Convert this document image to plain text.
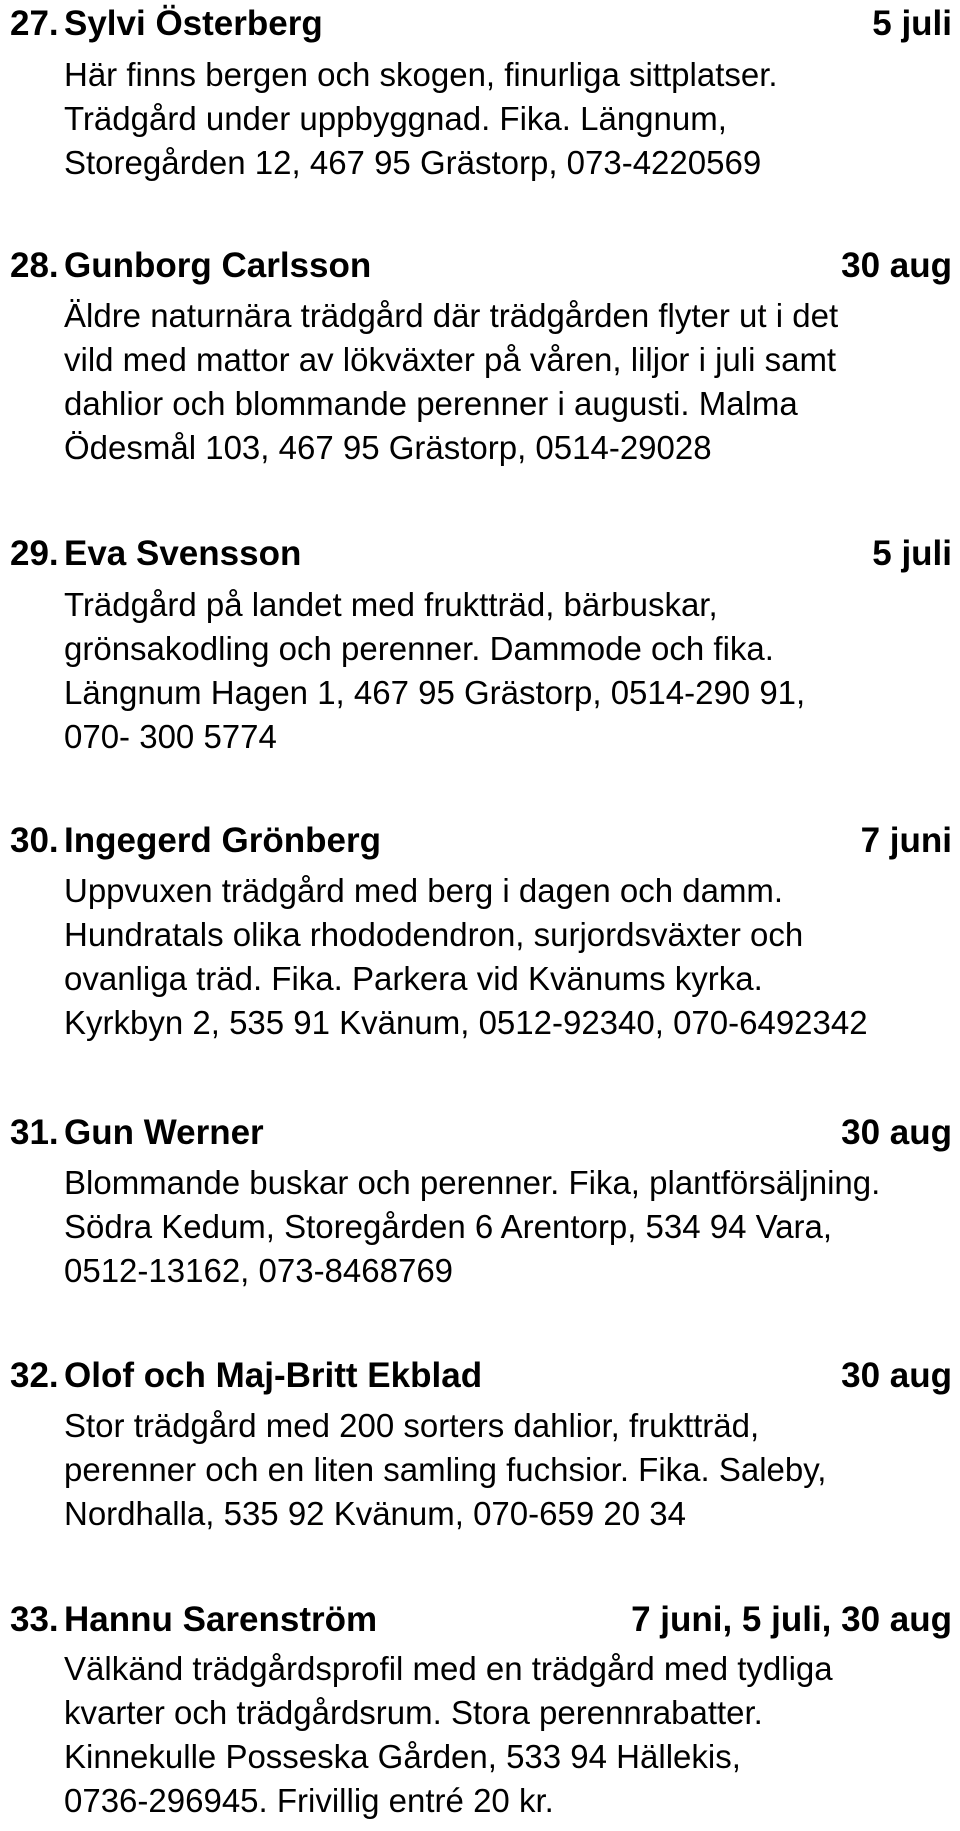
27. Sylvi Österberg	5 juli
Här finns bergen och skogen, finurliga sittplatser.
Trädgård under uppbyggnad. Fika. Längnum,
Storegården 12, 467 95 Grästorp, 073-4220569
28. Gunborg Carlsson	30 aug
Äldre naturnära trädgård där trädgården flyter ut i det
vild med mattor av lökväxter på våren, liljor i juli samt
dahlior och blommande perenner i augusti. Malma
Ödesmål 103, 467 95 Grästorp, 0514-29028
29. Eva Svensson	5 juli
Trädgård på landet med fruktträd, bärbuskar,
grönsakodling och perenner. Dammode och fika.
Längnum Hagen 1, 467 95 Grästorp, 0514-290 91,
070- 300 5774
30. Ingegerd Grönberg	7 juni
Uppvuxen trädgård med berg i dagen och damm.
Hundratals olika rhododendron, surjordsväxter och
ovanliga träd. Fika. Parkera vid Kvänums kyrka.
Kyrkbyn 2, 535 91 Kvänum, 0512-92340, 070-6492342
31. Gun Werner	30 aug
Blommande buskar och perenner. Fika, plantförsäljning.
Södra Kedum, Storegården 6 Arentorp, 534 94 Vara,
0512-13162, 073-8468769
32. Olof och Maj-Britt Ekblad	30 aug
Stor trädgård med 200 sorters dahlior, fruktträd,
perenner och en liten samling fuchsior. Fika. Saleby,
Nordhalla, 535 92 Kvänum, 070-659 20 34
33. Hannu Sarenström	7 juni, 5 juli, 30 aug
Välkänd trädgårdsprofil med en trädgård med tydliga
kvarter och trädgårdsrum. Stora perennrabatter.
Kinnekulle Posseska Gården, 533 94 Hällekis,
0736-296945. Frivillig entré 20 kr.
